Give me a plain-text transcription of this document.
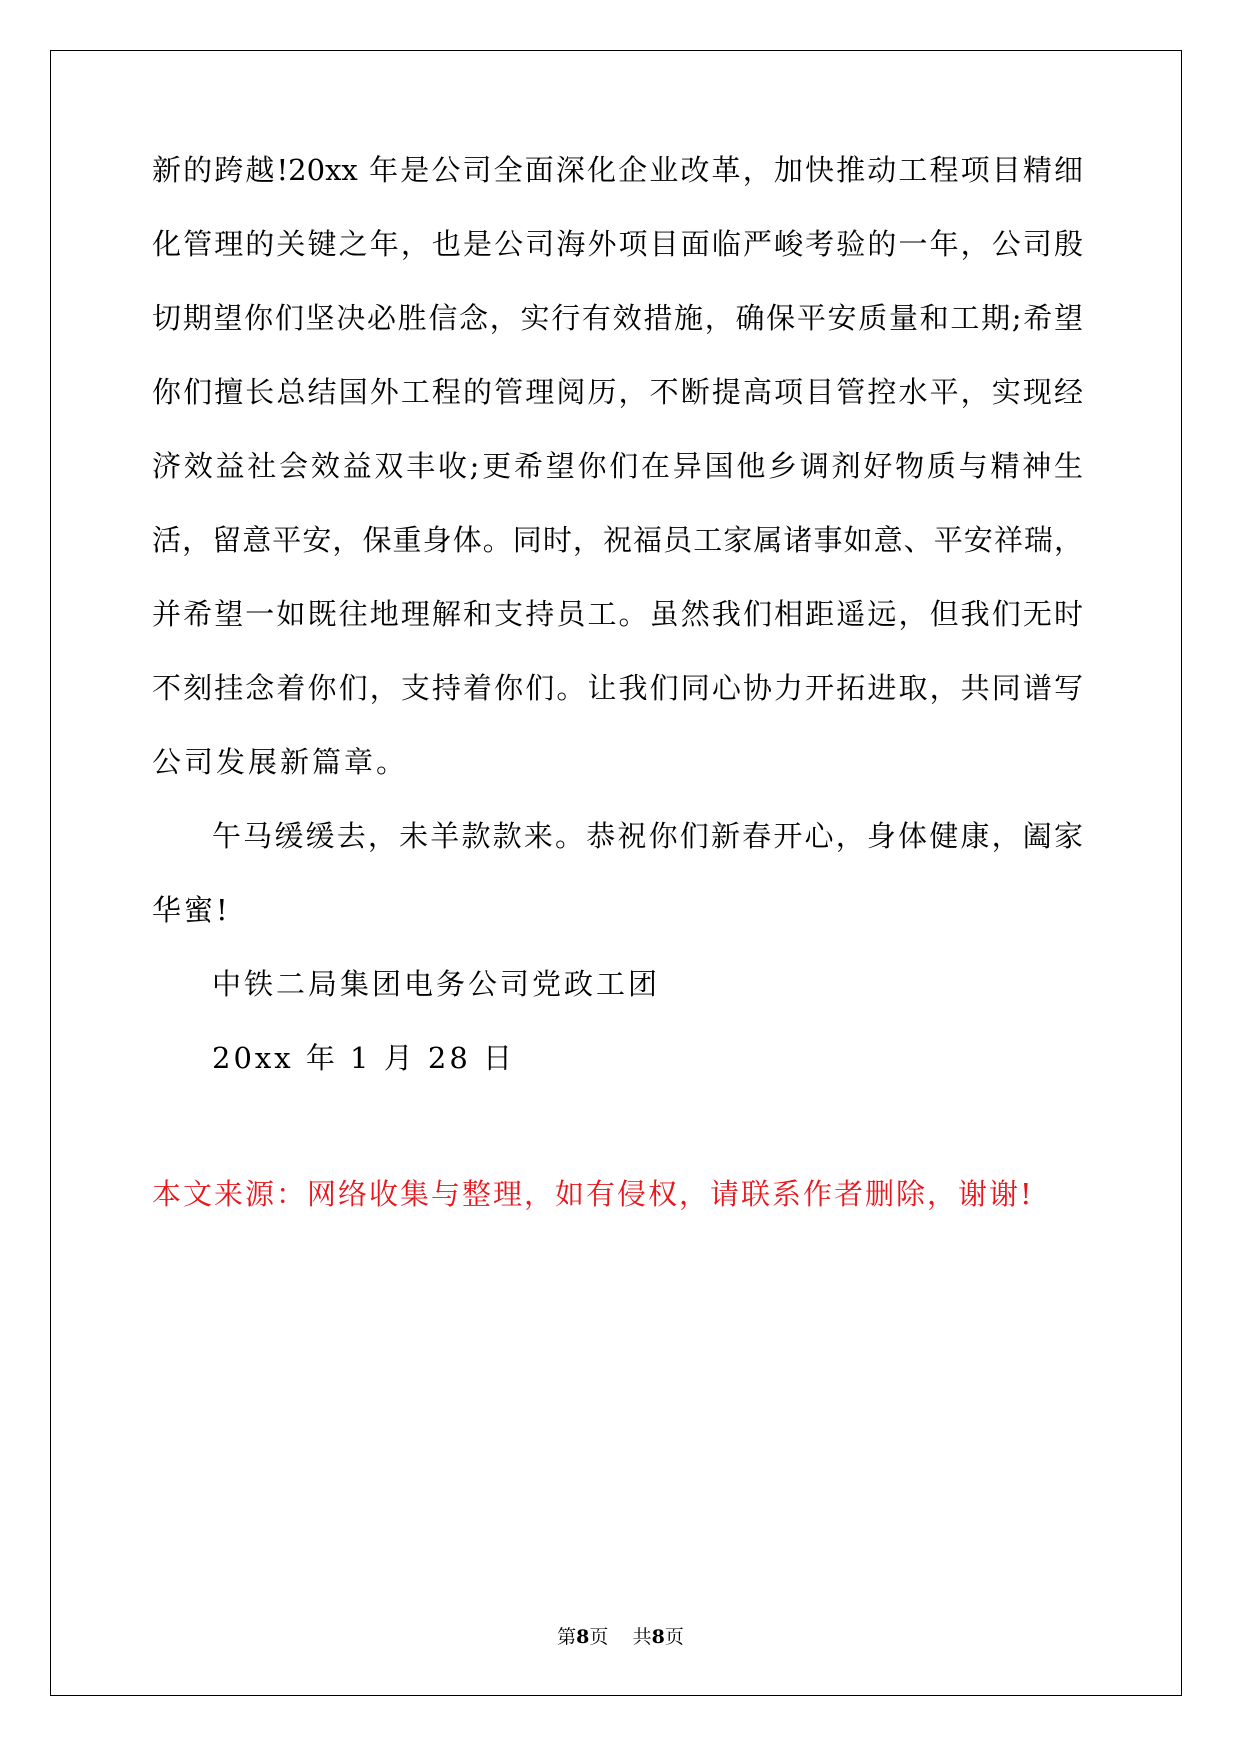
新的跨越!20xx 年是公司全面深化企业改革，加快推动工程项目精细
化管理的关键之年，也是公司海外项目面临严峻考验的一年，公司殷
切期望你们坚决必胜信念，实行有效措施，确保平安质量和工期;希望
你们擅长总结国外工程的管理阅历，不断提高项目管控水平，实现经
济效益社会效益双丰收;更希望你们在异国他乡调剂好物质与精神生
活，留意平安，保重身体。同时，祝福员工家属诸事如意、平安祥瑞，
并希望一如既往地理解和支持员工。虽然我们相距遥远，但我们无时
不刻挂念着你们，支持着你们。让我们同心协力开拓进取，共同谱写
公司发展新篇章。
午马缓缓去，未羊款款来。恭祝你们新春开心，身体健康，阖家
华蜜!
中铁二局集团电务公司党政工团
20xx 年 1 月 28 日
本文来源：网络收集与整理，如有侵权，请联系作者删除，谢谢!
第8页 共8页
